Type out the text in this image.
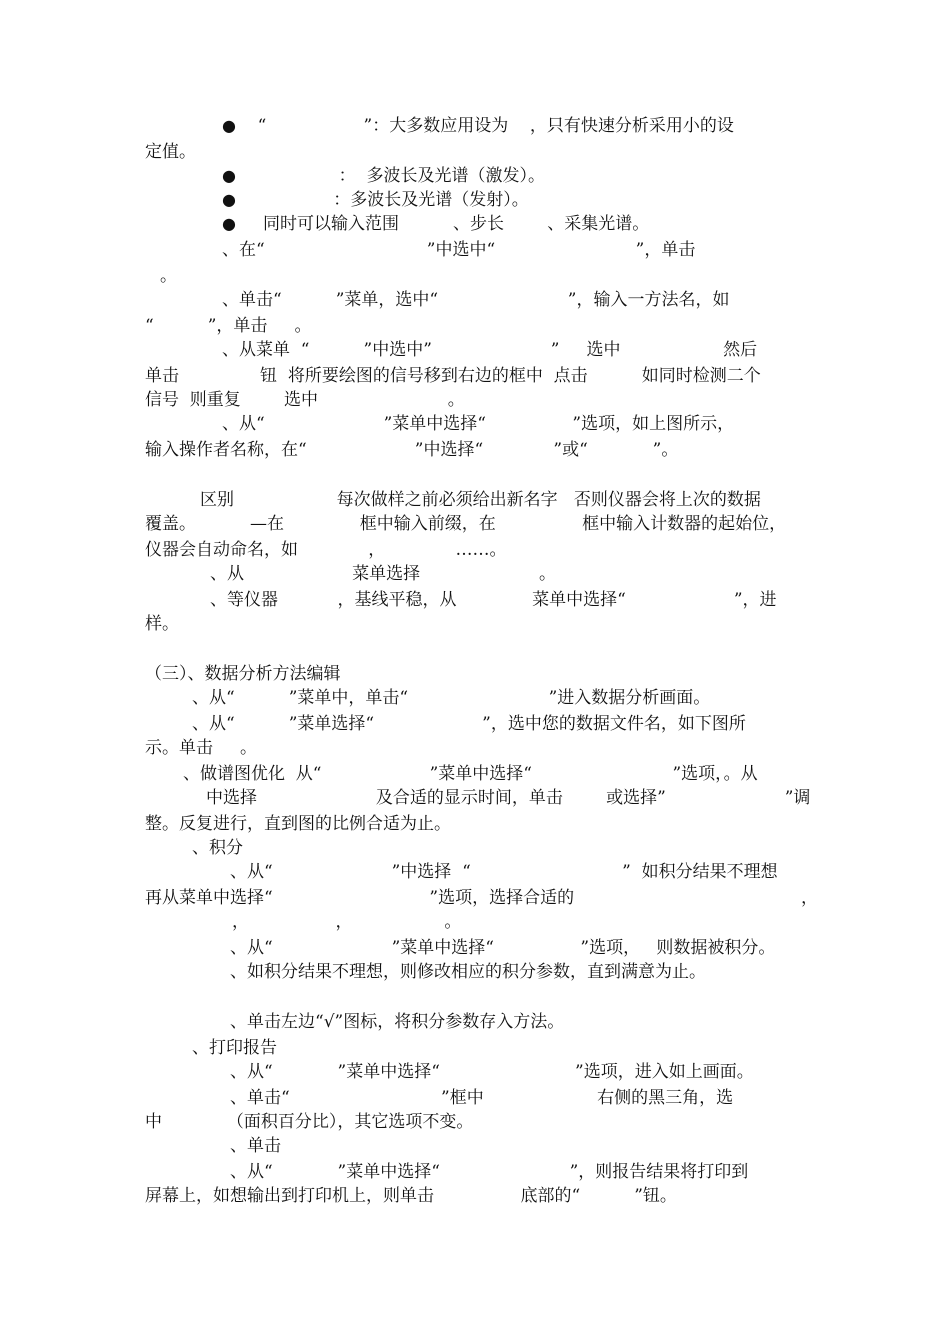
●    “                  ”：大多数应用设为    ，只有快速分析采用小的设
定值。
●                   ：  多波长及光谱（激发）。
●                  ：多波长及光谱（发射）。
●     同时可以输入范围          、步长        、采集光谱。
、在“                              ”中选中“                          ”，单击
。
、单击“          ”菜单，选中“                        ”，输入一方法名，如
“          ”，单击     。
、从菜单  “          ”中选中”                      ”     选中                   然后
单击               钮  将所要绘图的信号移到右边的框中  点击          如同时检测二个
信号  则重复        选中                        。
、从“                      ”菜单中选择“                ”选项，如上图所示，
输入操作者名称，在“                    ”中选择“             ”或“            ”。
区别                   每次做样之前必须给出新名字   否则仪器会将上次的数据
覆盖。          —在              框中输入前缀，在                框中输入计数器的起始位，
仪器会自动命名，如             ，             ……。
、从                    菜单选择                      。
、等仪器           ，基线平稳，从              菜单中选择“                    ”，进
样。
（三）、数据分析方法编辑
、从“          ”菜单中，单击“                          ”进入数据分析画面。
、从“          ”菜单选择“                    ”，选中您的数据文件名，如下图所
示。单击     。
、做谱图优化  从“                    ”菜单中选择“                          ”选项，。从
中选择                      及合适的显示时间，单击        或选择”                      ”调
整。反复进行，直到图的比例合适为止。
、积分
、从“                      ”中选择  “                            ”  如积分结果不理想
再从菜单中选择“                             ”选项，选择合适的                                          ，
，                ，                 。
、从“                      ”菜单中选择“                ”选项，   则数据被积分。
、如积分结果不理想，则修改相应的积分参数，直到满意为止。
、单击左边“√”图标，将积分参数存入方法。
、打印报告
、从“            ”菜单中选择“                         ”选项，进入如上画面。
、单击“                            ”框中                     右侧的黑三角，选
中            （面积百分比），其它选项不变。
、单击
、从“            ”菜单中选择“                        ”，则报告结果将打印到
屏幕上，如想输出到打印机上，则单击                底部的“          ”钮。
